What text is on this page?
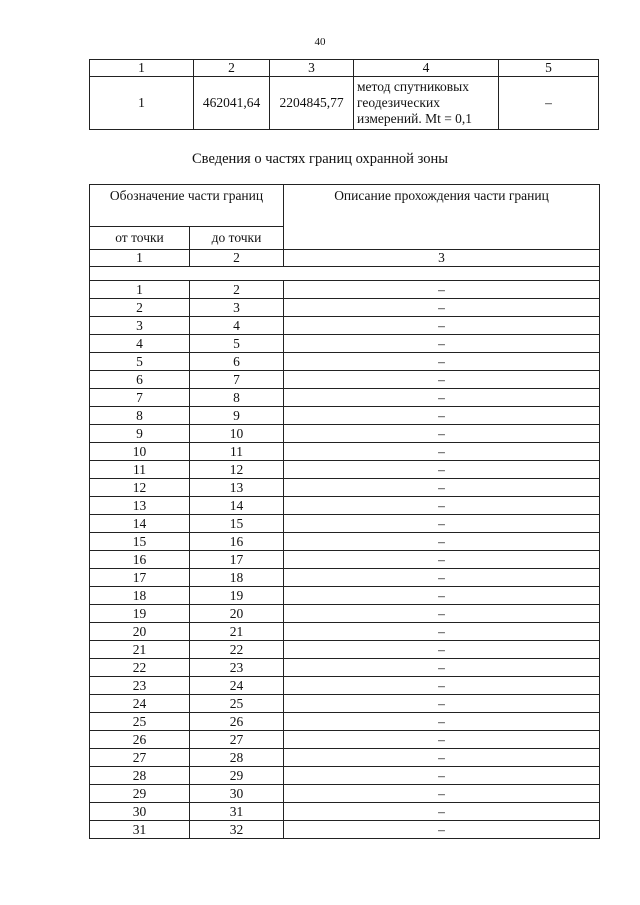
40
1	2	3	4	5
1	462041,64	2204845,77	метод спутниковых
геодезических
измерений. Mt = 0,1	–
Сведения о частях границ охранной зоны
Обозначение части границ		Описание прохождения части границ
от точки	до точки	
1	2	3

1	2	–
2	3	–
3	4	–
4	5	–
5	6	–
6	7	–
7	8	–
8	9	–
9	10	–
10	11	–
11	12	–
12	13	–
13	14	–
14	15	–
15	16	–
16	17	–
17	18	–
18	19	–
19	20	–
20	21	–
21	22	–
22	23	–
23	24	–
24	25	–
25	26	–
26	27	–
27	28	–
28	29	–
29	30	–
30	31	–
31	32	–
